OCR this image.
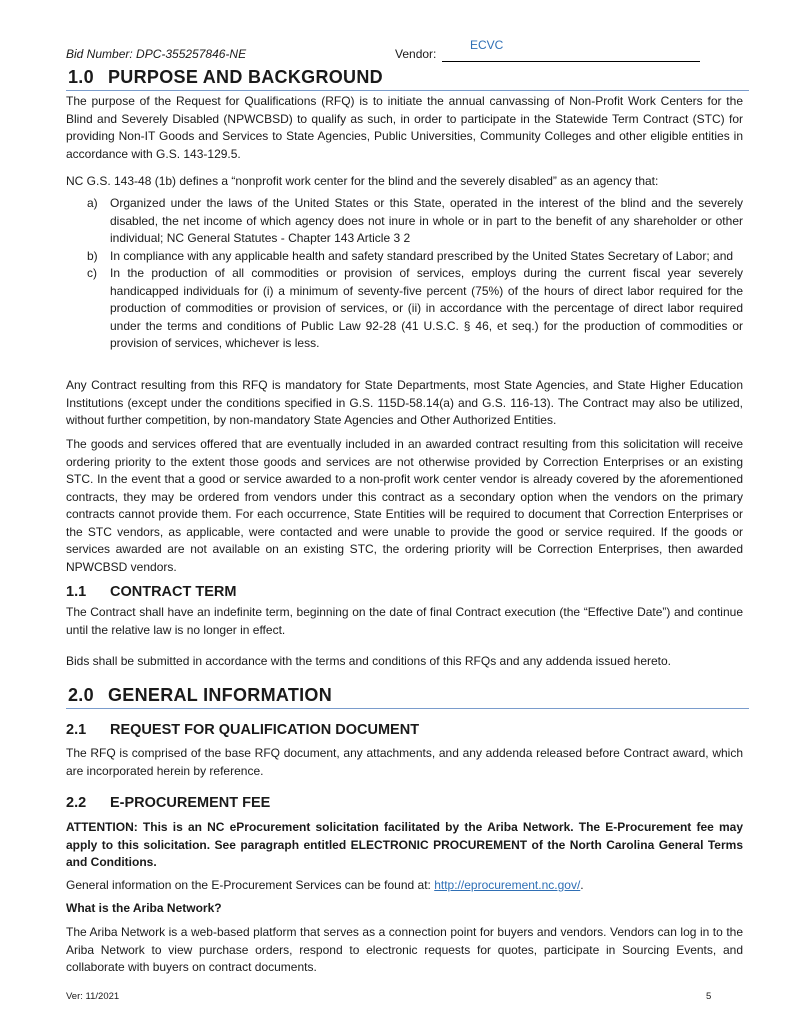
Bid Number: DPC-355257846-NE	Vendor:
ECVC
1.0 PURPOSE AND BACKGROUND

The purpose of the Request for Qualifications (RFQ) is to initiate the annual canvassing of Non-Profit Work Centers for the Blind and Severely Disabled (NPWCBSD) to qualify as such, in order to participate in the Statewide Term Contract (STC) for providing Non-IT Goods and Services to State Agencies, Public Universities, Community Colleges and other eligible entities in accordance with G.S. 143-129.5.

NC G.S. 143-48 (1b) defines a “nonprofit work center for the blind and the severely disabled” as an agency that:

a) Organized under the laws of the United States or this State, operated in the interest of the blind and the severely disabled, the net income of which agency does not inure in whole or in part to the benefit of any shareholder or other individual; NC General Statutes - Chapter 143 Article 3 2
b) In compliance with any applicable health and safety standard prescribed by the United States Secretary of Labor; and
c) In the production of all commodities or provision of services, employs during the current fiscal year severely handicapped individuals for (i) a minimum of seventy-five percent (75%) of the hours of direct labor required for the production of commodities or provision of services, or (ii) in accordance with the percentage of direct labor required under the terms and conditions of Public Law 92-28 (41 U.S.C. § 46, et seq.) for the production of commodities or provision of services, whichever is less.

Any Contract resulting from this RFQ is mandatory for State Departments, most State Agencies, and State Higher Education Institutions (except under the conditions specified in G.S. 115D-58.14(a) and G.S. 116-13). The Contract may also be utilized, without further competition, by non-mandatory State Agencies and Other Authorized Entities.

The goods and services offered that are eventually included in an awarded contract resulting from this solicitation will receive ordering priority to the extent those goods and services are not otherwise provided by Correction Enterprises or an existing STC. In the event that a good or service awarded to a non-profit work center vendor is already covered by the aforementioned contracts, they may be ordered from vendors under this contract as a secondary option when the vendors on the primary contracts cannot provide them. For each occurrence, State Entities will be required to document that Correction Enterprises or the STC vendors, as applicable, were contacted and were unable to provide the good or service required. If the goods or services awarded are not available on an existing STC, the ordering priority will be Correction Enterprises, then awarded NPWCBSD vendors.

1.1 CONTRACT TERM

The Contract shall have an indefinite term, beginning on the date of final Contract execution (the “Effective Date”) and continue until the relative law is no longer in effect.

Bids shall be submitted in accordance with the terms and conditions of this RFQs and any addenda issued hereto.

2.0 GENERAL INFORMATION
2.1 REQUEST FOR QUALIFICATION DOCUMENT

The RFQ is comprised of the base RFQ document, any attachments, and any addenda released before Contract award, which are incorporated herein by reference.

2.2 E-PROCUREMENT FEE

ATTENTION: This is an NC eProcurement solicitation facilitated by the Ariba Network. The E-Procurement fee may apply to this solicitation. See paragraph entitled ELECTRONIC PROCUREMENT of the North Carolina General Terms and Conditions.

General information on the E-Procurement Services can be found at: http://eprocurement.nc.gov/.

What is the Ariba Network?

The Ariba Network is a web-based platform that serves as a connection point for buyers and vendors. Vendors can log in to the Ariba Network to view purchase orders, respond to electronic requests for quotes, participate in Sourcing Events, and collaborate with buyers on contract documents.

Ver: 11/2021	5
